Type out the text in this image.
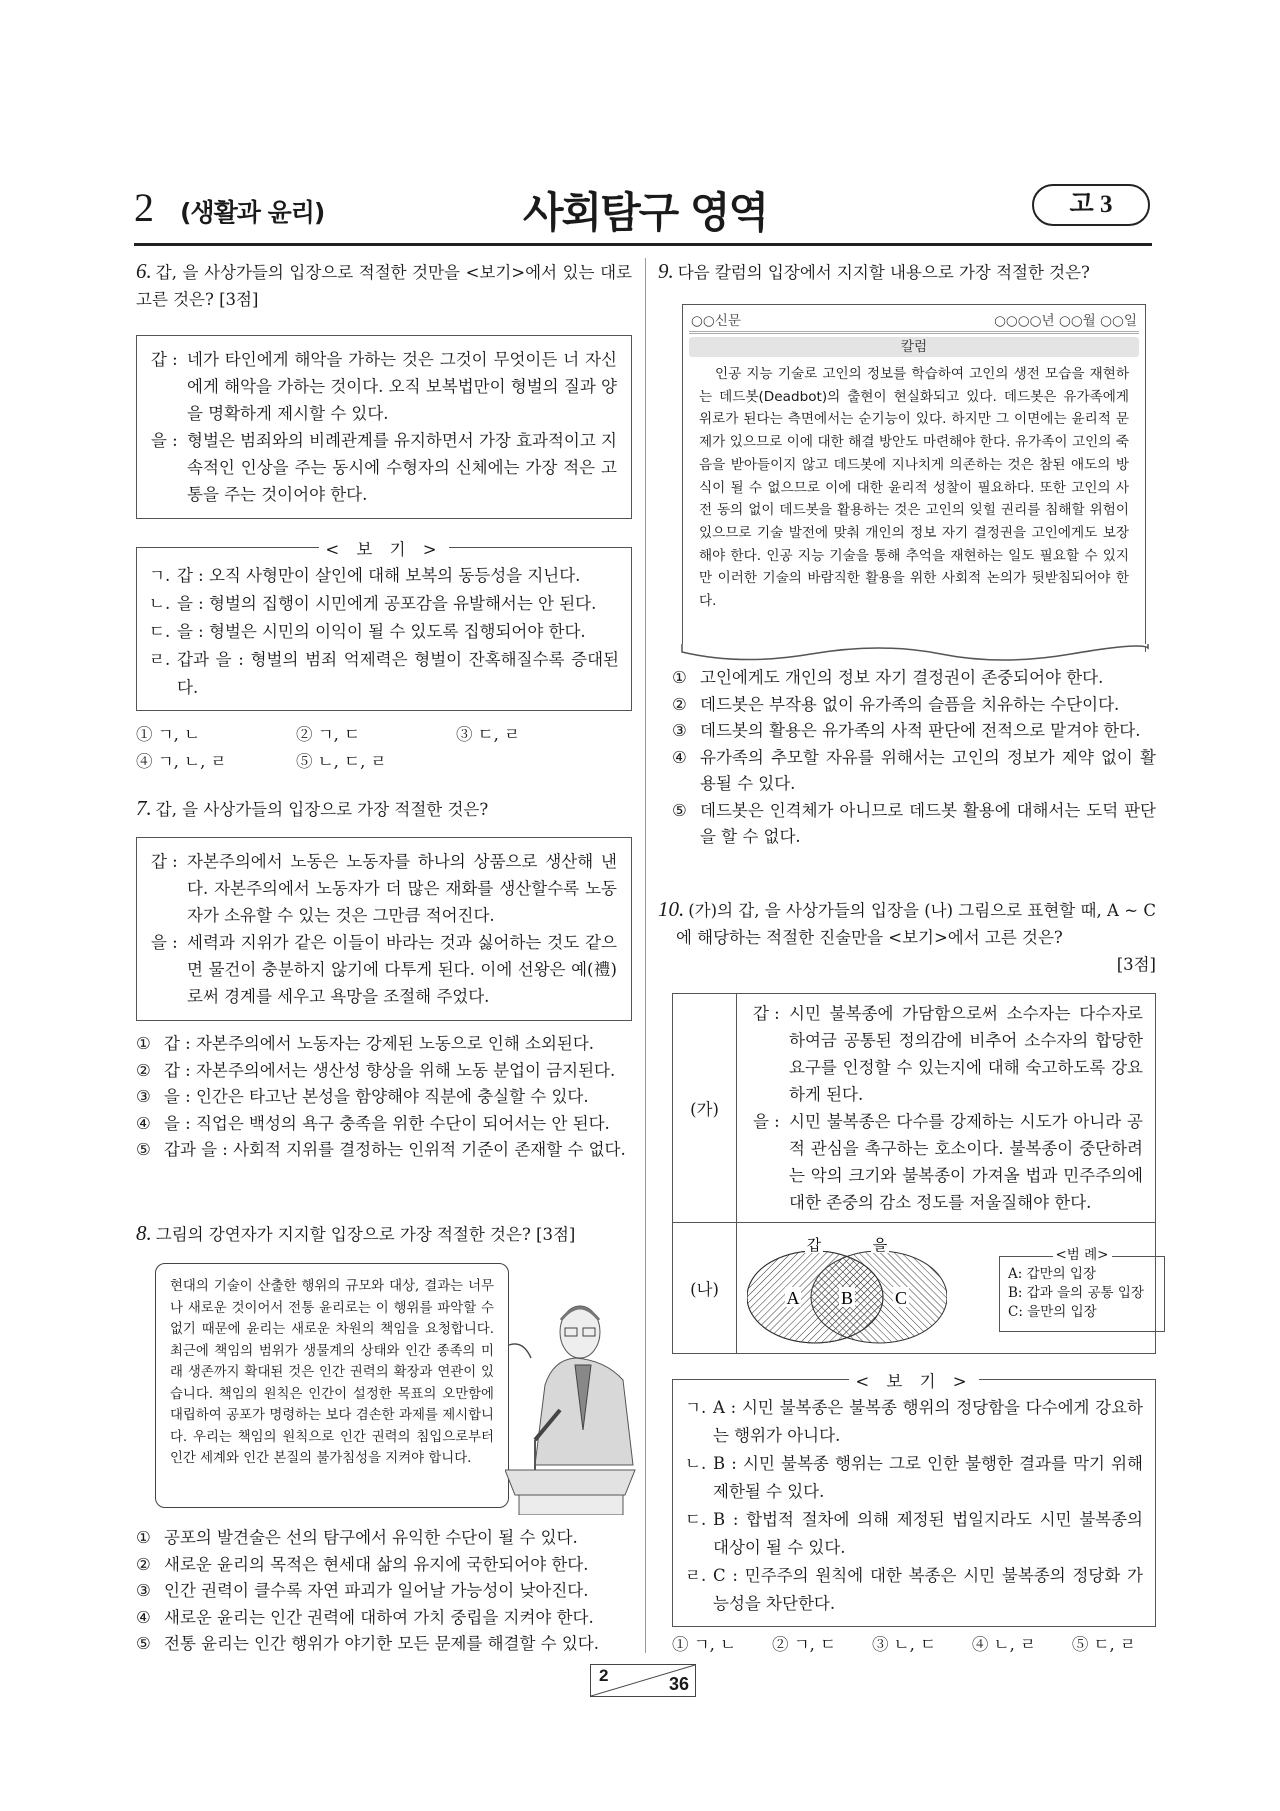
2 (생활과 윤리)	사회탐구 영역	고 3
6. 갑, 을 사상가들의 입장으로 적절한 것만을 <보기>에서 있는 대로 고른 것은? [3점]
갑 : 네가 타인에게 해악을 가하는 것은 그것이 무엇이든 너 자신에게 해악을 가하는 것이다. 오직 보복법만이 형벌의 질과 양을 명확하게 제시할 수 있다.
을 : 형벌은 범죄와의 비례관계를 유지하면서 가장 효과적이고 지속적인 인상을 주는 동시에 수형자의 신체에는 가장 적은 고통을 주는 것이어야 한다.
< 보 기 >
ㄱ. 갑 : 오직 사형만이 살인에 대해 보복의 동등성을 지닌다.
ㄴ. 을 : 형벌의 집행이 시민에게 공포감을 유발해서는 안 된다.
ㄷ. 을 : 형벌은 시민의 이익이 될 수 있도록 집행되어야 한다.
ㄹ. 갑과 을 : 형벌의 범죄 억제력은 형벌이 잔혹해질수록 증대된다.
① ㄱ, ㄴ	② ㄱ, ㄷ	③ ㄷ, ㄹ
④ ㄱ, ㄴ, ㄹ	⑤ ㄴ, ㄷ, ㄹ
7. 갑, 을 사상가들의 입장으로 가장 적절한 것은?
갑 : 자본주의에서 노동은 노동자를 하나의 상품으로 생산해 낸다. 자본주의에서 노동자가 더 많은 재화를 생산할수록 노동자가 소유할 수 있는 것은 그만큼 적어진다.
을 : 세력과 지위가 같은 이들이 바라는 것과 싫어하는 것도 같으면 물건이 충분하지 않기에 다투게 된다. 이에 선왕은 예(禮)로써 경계를 세우고 욕망을 조절해 주었다.
① 갑 : 자본주의에서 노동자는 강제된 노동으로 인해 소외된다.
② 갑 : 자본주의에서는 생산성 향상을 위해 노동 분업이 금지된다.
③ 을 : 인간은 타고난 본성을 함양해야 직분에 충실할 수 있다.
④ 을 : 직업은 백성의 욕구 충족을 위한 수단이 되어서는 안 된다.
⑤ 갑과 을 : 사회적 지위를 결정하는 인위적 기준이 존재할 수 없다.
8. 그림의 강연자가 지지할 입장으로 가장 적절한 것은? [3점]
현대의 기술이 산출한 행위의 규모와 대상, 결과는 너무나 새로운 것이어서 전통 윤리로는 이 행위를 파악할 수 없기 때문에 윤리는 새로운 차원의 책임을 요청합니다. 최근에 책임의 범위가 생물계의 상태와 인간 종족의 미래 생존까지 확대된 것은 인간 권력의 확장과 연관이 있습니다. 책임의 원칙은 인간이 설정한 목표의 오만함에 대립하여 공포가 명령하는 보다 겸손한 과제를 제시합니다. 우리는 책임의 원칙으로 인간 권력의 침입으로부터 인간 세계와 인간 본질의 불가침성을 지켜야 합니다.
① 공포의 발견술은 선의 탐구에서 유익한 수단이 될 수 있다.
② 새로운 윤리의 목적은 현세대 삶의 유지에 국한되어야 한다.
③ 인간 권력이 클수록 자연 파괴가 일어날 가능성이 낮아진다.
④ 새로운 윤리는 인간 권력에 대하여 가치 중립을 지켜야 한다.
⑤ 전통 윤리는 인간 행위가 야기한 모든 문제를 해결할 수 있다.
9. 다음 칼럼의 입장에서 지지할 내용으로 가장 적절한 것은?
○○신문	○○○○년 ○○월 ○○일
칼럼
인공 지능 기술로 고인의 정보를 학습하여 고인의 생전 모습을 재현하는 데드봇(Deadbot)의 출현이 현실화되고 있다. 데드봇은 유가족에게 위로가 된다는 측면에서는 순기능이 있다. 하지만 그 이면에는 윤리적 문제가 있으므로 이에 대한 해결 방안도 마련해야 한다. 유가족이 고인의 죽음을 받아들이지 않고 데드봇에 지나치게 의존하는 것은 참된 애도의 방식이 될 수 없으므로 이에 대한 윤리적 성찰이 필요하다. 또한 고인의 사전 동의 없이 데드봇을 활용하는 것은 고인의 잊힐 권리를 침해할 위험이 있으므로 기술 발전에 맞춰 개인의 정보 자기 결정권을 고인에게도 보장해야 한다. 인공 지능 기술을 통해 추억을 재현하는 일도 필요할 수 있지만 이러한 기술의 바람직한 활용을 위한 사회적 논의가 뒷받침되어야 한다.
① 고인에게도 개인의 정보 자기 결정권이 존중되어야 한다.
② 데드봇은 부작용 없이 유가족의 슬픔을 치유하는 수단이다.
③ 데드봇의 활용은 유가족의 사적 판단에 전적으로 맡겨야 한다.
④ 유가족의 추모할 자유를 위해서는 고인의 정보가 제약 없이 활용될 수 있다.
⑤ 데드봇은 인격체가 아니므로 데드봇 활용에 대해서는 도덕 판단을 할 수 없다.
10. (가)의 갑, 을 사상가들의 입장을 (나) 그림으로 표현할 때, A ~ C에 해당하는 적절한 진술만을 <보기>에서 고른 것은?
[3점]
(가)
갑 : 시민 불복종에 가담함으로써 소수자는 다수자로 하여금 공통된 정의감에 비추어 소수자의 합당한 요구를 인정할 수 있는지에 대해 숙고하도록 강요하게 된다.
을 : 시민 불복종은 다수를 강제하는 시도가 아니라 공적 관심을 촉구하는 호소이다. 불복종이 중단하려는 악의 크기와 불복종이 가져올 법과 민주주의에 대한 존중의 감소 정도를 저울질해야 한다.
(나)
갑	을
A B C
<범 례>
A: 갑만의 입장
B: 갑과 을의 공통 입장
C: 을만의 입장
< 보 기 >
ㄱ. A : 시민 불복종은 불복종 행위의 정당함을 다수에게 강요하는 행위가 아니다.
ㄴ. B : 시민 불복종 행위는 그로 인한 불행한 결과를 막기 위해 제한될 수 있다.
ㄷ. B : 합법적 절차에 의해 제정된 법일지라도 시민 불복종의 대상이 될 수 있다.
ㄹ. C : 민주주의 원칙에 대한 복종은 시민 불복종의 정당화 가능성을 차단한다.
① ㄱ, ㄴ ② ㄱ, ㄷ ③ ㄴ, ㄷ ④ ㄴ, ㄹ ⑤ ㄷ, ㄹ
2	36
